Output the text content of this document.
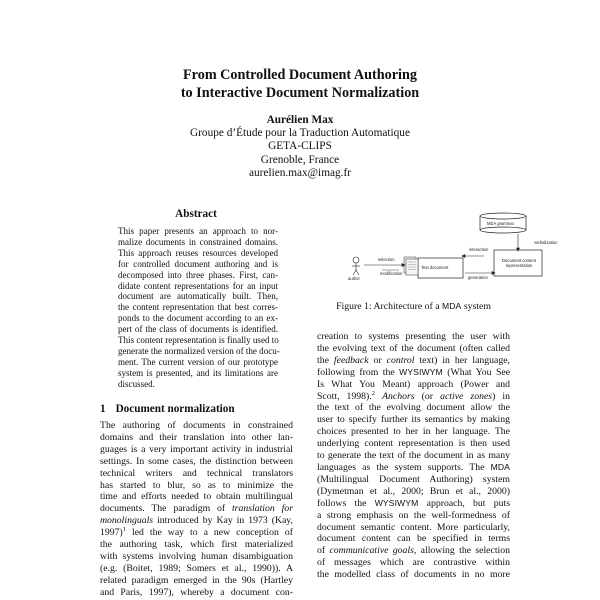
From Controlled Document Authoring
to Interactive Document Normalization
Aurélien Max
Groupe d’Étude pour la Traduction Automatique
GETA-CLIPS
Grenoble, France
aurelien.max@imag.fr
Abstract
This paper presents an approach to nor-
malize documents in constrained domains.
This approach reuses resources developed
for controlled document authoring and is
decomposed into three phases. First, can-
didate content representations for an input
document are automatically built. Then,
the content representation that best corres-
ponds to the document according to an ex-
pert of the class of documents is identified.
This content representation is finally used to
generate the normalized version of the docu-
ment. The current version of our prototype
system is presented, and its limitations are
discussed.
1 Document normalization
The authoring of documents in constrained
domains and their translation into other lan-
guages is a very important activity in industrial
settings. In some cases, the distinction between
technical writers and technical translators
has started to blur, so as to minimize the
time and efforts needed to obtain multilingual
documents. The paradigm of translation for
monolinguals introduced by Kay in 1973 (Kay,
1997)$^1$ led the way to a new conception of
the authoring task, which first materialized
with systems involving human disambiguation
(e.g. (Boitet, 1989; Somers et al., 1990)). A
related paradigm emerged in the 90s (Hartley
and Paris, 1997), whereby a document con-
MDA grammar
verbalization
interaction
Document content representation
generation
Text document
selection
modification
author
Figure 1: Architecture of a MDA system
creation to systems presenting the user with
the evolving text of the document (often called
the feedback or control text) in her language,
following from the WYSIWYM (What You See
Is What You Meant) approach (Power and
Scott, 1998).$^2$ Anchors (or active zones) in
the text of the evolving document allow the
user to specify further its semantics by making
choices presented to her in her language. The
underlying content representation is then used
to generate the text of the document in as many
languages as the system supports. The MDA
(Multilingual Document Authoring) system
(Dymetman et al., 2000; Brun et al., 2000)
follows the WYSIWYM approach, but puts
a strong emphasis on the well-formedness of
document semantic content. More particularly,
document content can be specified in terms
of communicative goals, allowing the selection
of messages which are contrastive within
the modelled class of documents in no more
